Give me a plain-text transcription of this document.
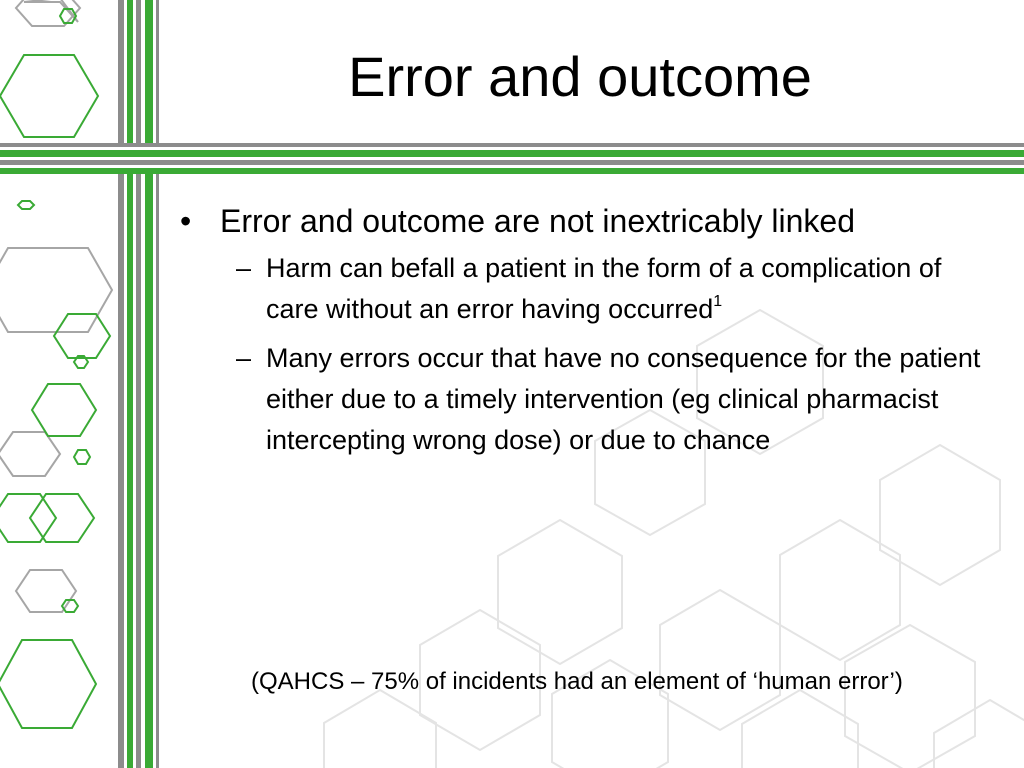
Error and outcome
• Error and outcome are not inextricably linked
– Harm can befall a patient in the form of a complication of care without an error having occurred$^1$
– Many errors occur that have no consequence for the patient either due to a timely intervention (eg clinical pharmacist intercepting wrong dose) or due to chance
(QAHCS – 75% of incidents had an element of ‘human error’)
